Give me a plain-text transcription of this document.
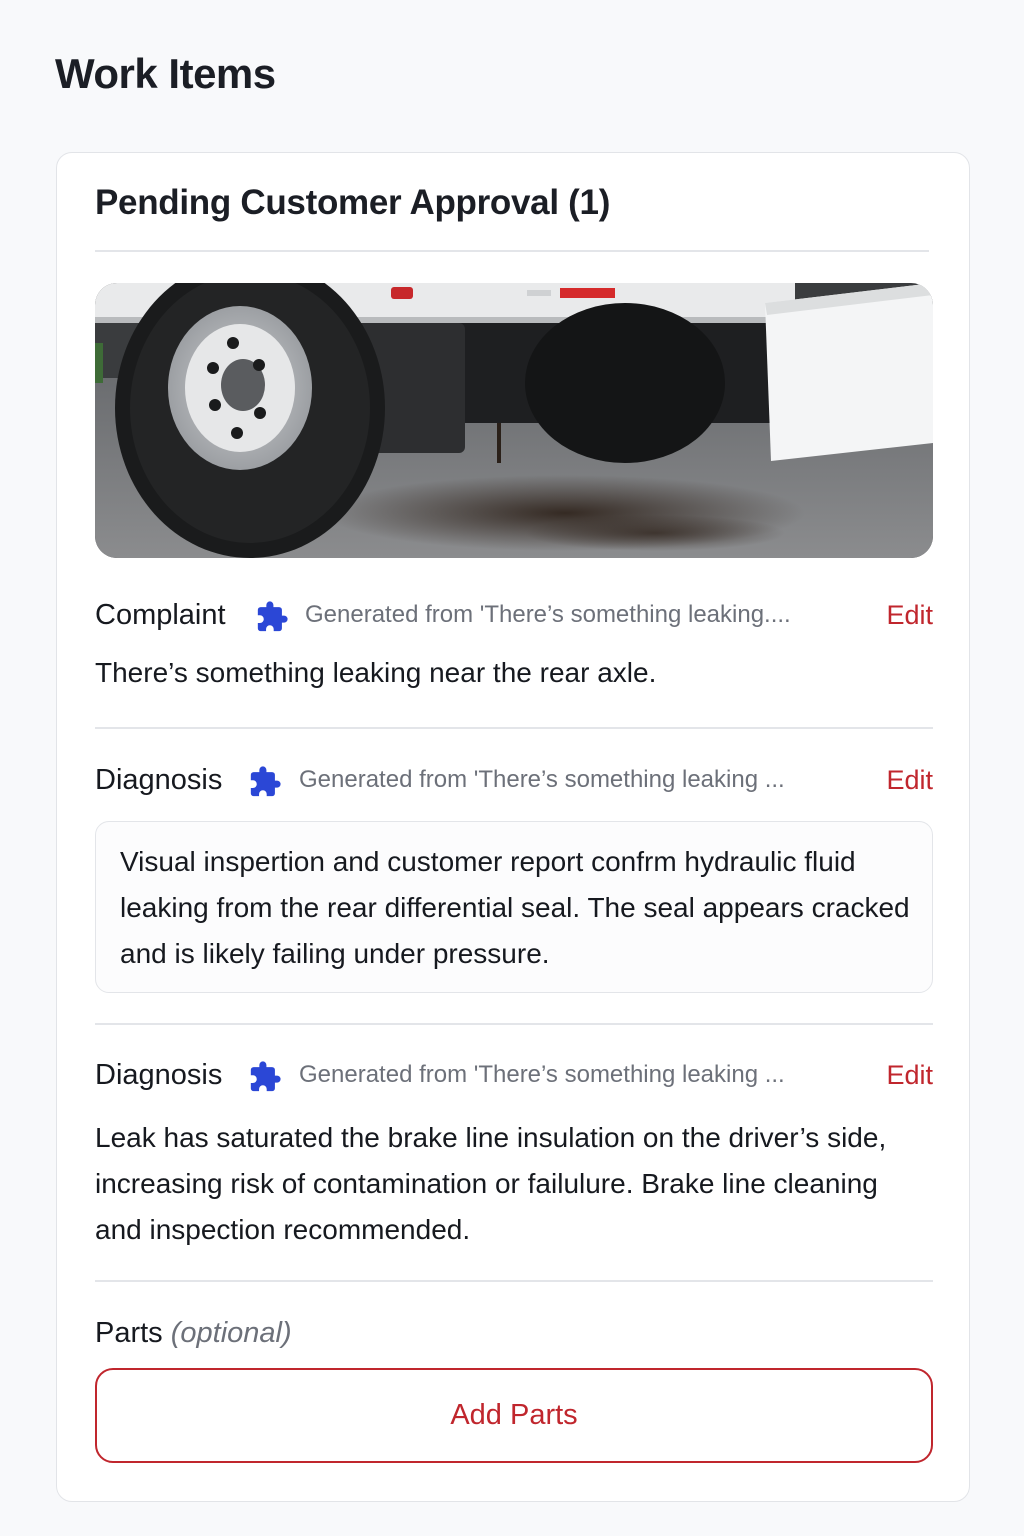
Work Items
Pending Customer Approval (1)
Complaint	Generated from 'There’s something leaking....	Edit
There’s something leaking near the rear axle.
Diagnosis	Generated from 'There’s something leaking ...	Edit
Visual inspertion and customer report confrm hydraulic fluid leaking from the rear differential seal. The seal appears cracked and is likely failing under pressure.
Diagnosis	Generated from 'There’s something leaking ...	Edit
Leak has saturated the brake line insulation on the driver’s side, increasing risk of contamination or failulure. Brake line cleaning and inspection recommended.
Parts (optional)
Add Parts
